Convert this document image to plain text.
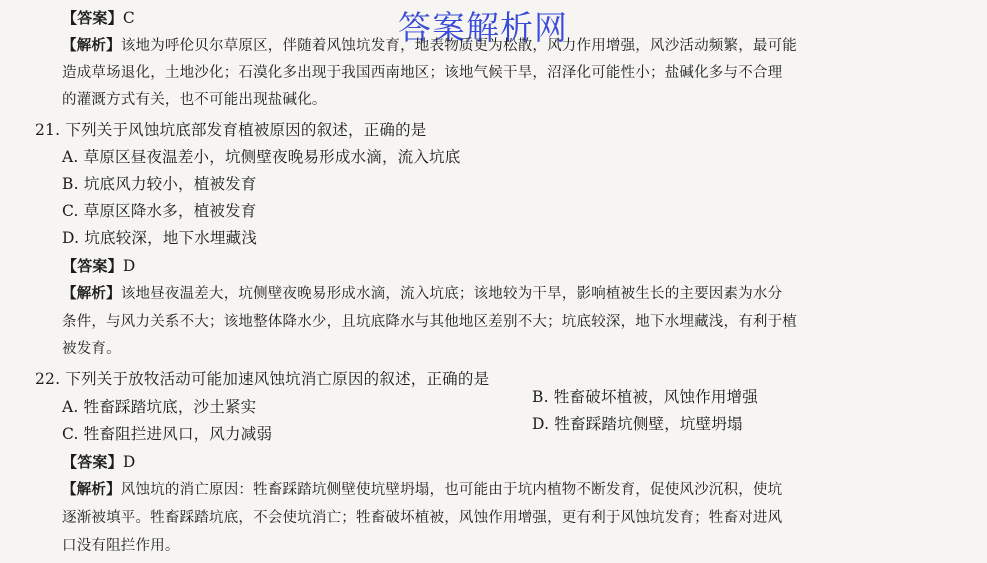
答案解析网
【答案】C
【解析】该地为呼伦贝尔草原区，伴随着风蚀坑发育，地表物质更为松散，风力作用增强，风沙活动频繁，最可能
造成草场退化，土地沙化；石漠化多出现于我国西南地区；该地气候干旱，沼泽化可能性小；盐碱化多与不合理
的灌溉方式有关，也不可能出现盐碱化。
21. 下列关于风蚀坑底部发育植被原因的叙述，正确的是
A. 草原区昼夜温差小，坑侧壁夜晚易形成水滴，流入坑底
B. 坑底风力较小，植被发育
C. 草原区降水多，植被发育
D. 坑底较深，地下水埋藏浅
【答案】D
【解析】该地昼夜温差大，坑侧壁夜晚易形成水滴，流入坑底；该地较为干旱，影响植被生长的主要因素为水分
条件，与风力关系不大；该地整体降水少，且坑底降水与其他地区差别不大；坑底较深，地下水埋藏浅，有利于植
被发育。
22. 下列关于放牧活动可能加速风蚀坑消亡原因的叙述，正确的是
A. 牲畜踩踏坑底，沙土紧实
B. 牲畜破坏植被，风蚀作用增强
C. 牲畜阻拦进风口，风力减弱
D. 牲畜踩踏坑侧壁，坑壁坍塌
【答案】D
【解析】风蚀坑的消亡原因：牲畜踩踏坑侧壁使坑壁坍塌，也可能由于坑内植物不断发育，促使风沙沉积，使坑
逐渐被填平。牲畜踩踏坑底，不会使坑消亡；牲畜破坏植被，风蚀作用增强，更有利于风蚀坑发育；牲畜对进风
口没有阻拦作用。
